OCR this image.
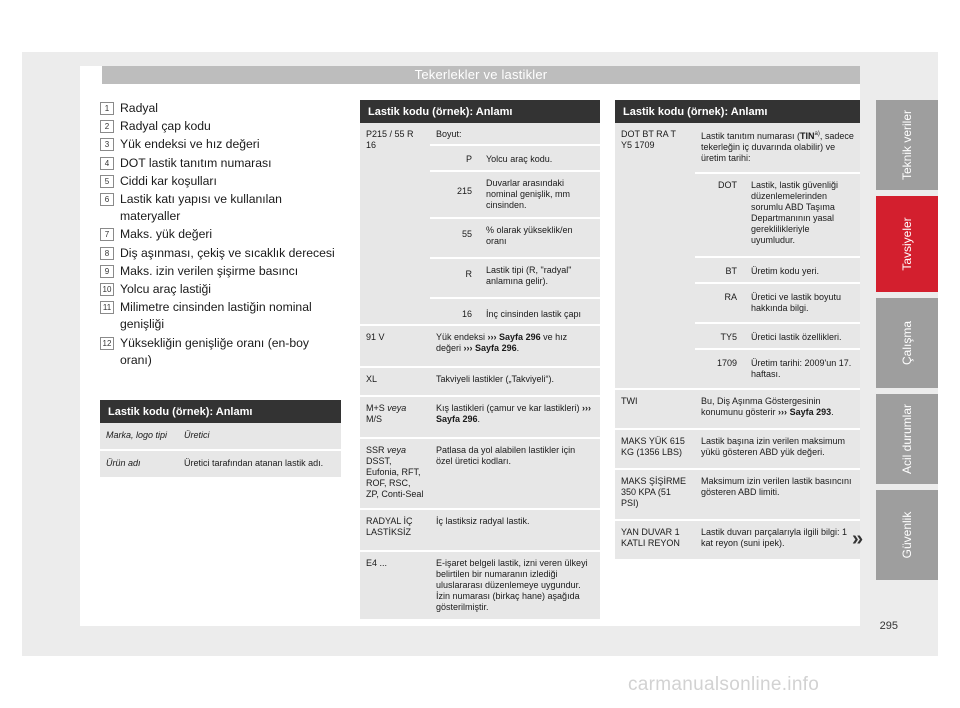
Tekerlekler ve lastikler
1 Radyal
2 Radyal çap kodu
3 Yük endeksi ve hız değeri
4 DOT lastik tanıtım numarası
5 Ciddi kar koşulları
6 Lastik katı yapısı ve kullanılan materyaller
7 Maks. yük değeri
8 Diş aşınması, çekiş ve sıcaklık derecesi
9 Maks. izin verilen şişirme basıncı
10 Yolcu araç lastiği
11 Milimetre cinsinden lastiğin nominal genişliği
12 Yüksekliğin genişliğe oranı (en-boy oranı)
Lastik kodu (örnek): Anlamı	
Marka, logo tipi	Üretici
Ürün adı	Üretici tarafından atanan lastik adı.
Lastik kodu (örnek): Anlamı		
P215 / 55 R 16	Boyut:	
	P	Yolcu araç kodu.
	215	Duvarlar arasındaki nominal genişlik, mm cinsinden.
	55	% olarak yükseklik/en oranı
	R	Lastik tipi (R, "radyal" anlamına gelir).
	16	İnç cinsinden lastik çapı
91 V	Yük endeksi ››› Sayfa 296 ve hız değeri ››› Sayfa 296.	
XL	Takviyeli lastikler („Takviyeli“).	
M+S veya M/S	Kış lastikleri (çamur ve kar lastikleri) ››› Sayfa 296.	
SSR veya DSST, Eufonia, RFT, ROF, RSC, ZP, Conti-Seal	Patlasa da yol alabilen lastikler için özel üretici kodları.	
RADYAL İÇ LASTİKSİZ	İç lastiksiz radyal lastik.	
E4 ...	E-işaret belgeli lastik, izni veren ülkeyi belirtilen bir numaranın izlediği uluslararası düzenlemeye uygundur. İzin numarası (birkaç hane) aşağıda gösterilmiştir.	
Lastik kodu (örnek): Anlamı		
DOT BT RA T Y5 1709	Lastik tanıtım numarası (TIN$^{a)}$, sadece tekerleğin iç duvarında olabilir) ve üretim tarihi:	
	DOT	Lastik, lastik güvenliği düzenlemelerinden sorumlu ABD Taşıma Departmanının yasal gereklilikleriyle uyumludur.
	BT	Üretim kodu yeri.
	RA	Üretici ve lastik boyutu hakkında bilgi.
	TY5	Üretici lastik özellikleri.
	1709	Üretim tarihi: 2009'un 17. haftası.
TWI	Bu, Diş Aşınma Göstergesinin konumunu gösterir ››› Sayfa 293.	
MAKS YÜK 615 KG (1356 LBS)	Lastik başına izin verilen maksimum yükü gösteren ABD yük değeri.	
MAKS ŞİŞİRME 350 KPA (51 PSI)	Maksimum izin verilen lastik basıncını gösteren ABD limiti.	
YAN DUVAR 1 KATLI REYON	Lastik duvarı parçalarıyla ilgili bilgi: 1 kat reyon (suni ipek).		»
Teknik veriler
Tavsiyeler
Çalışma
Acil durumlar
Güvenlik
295
carmanualsonline.info
